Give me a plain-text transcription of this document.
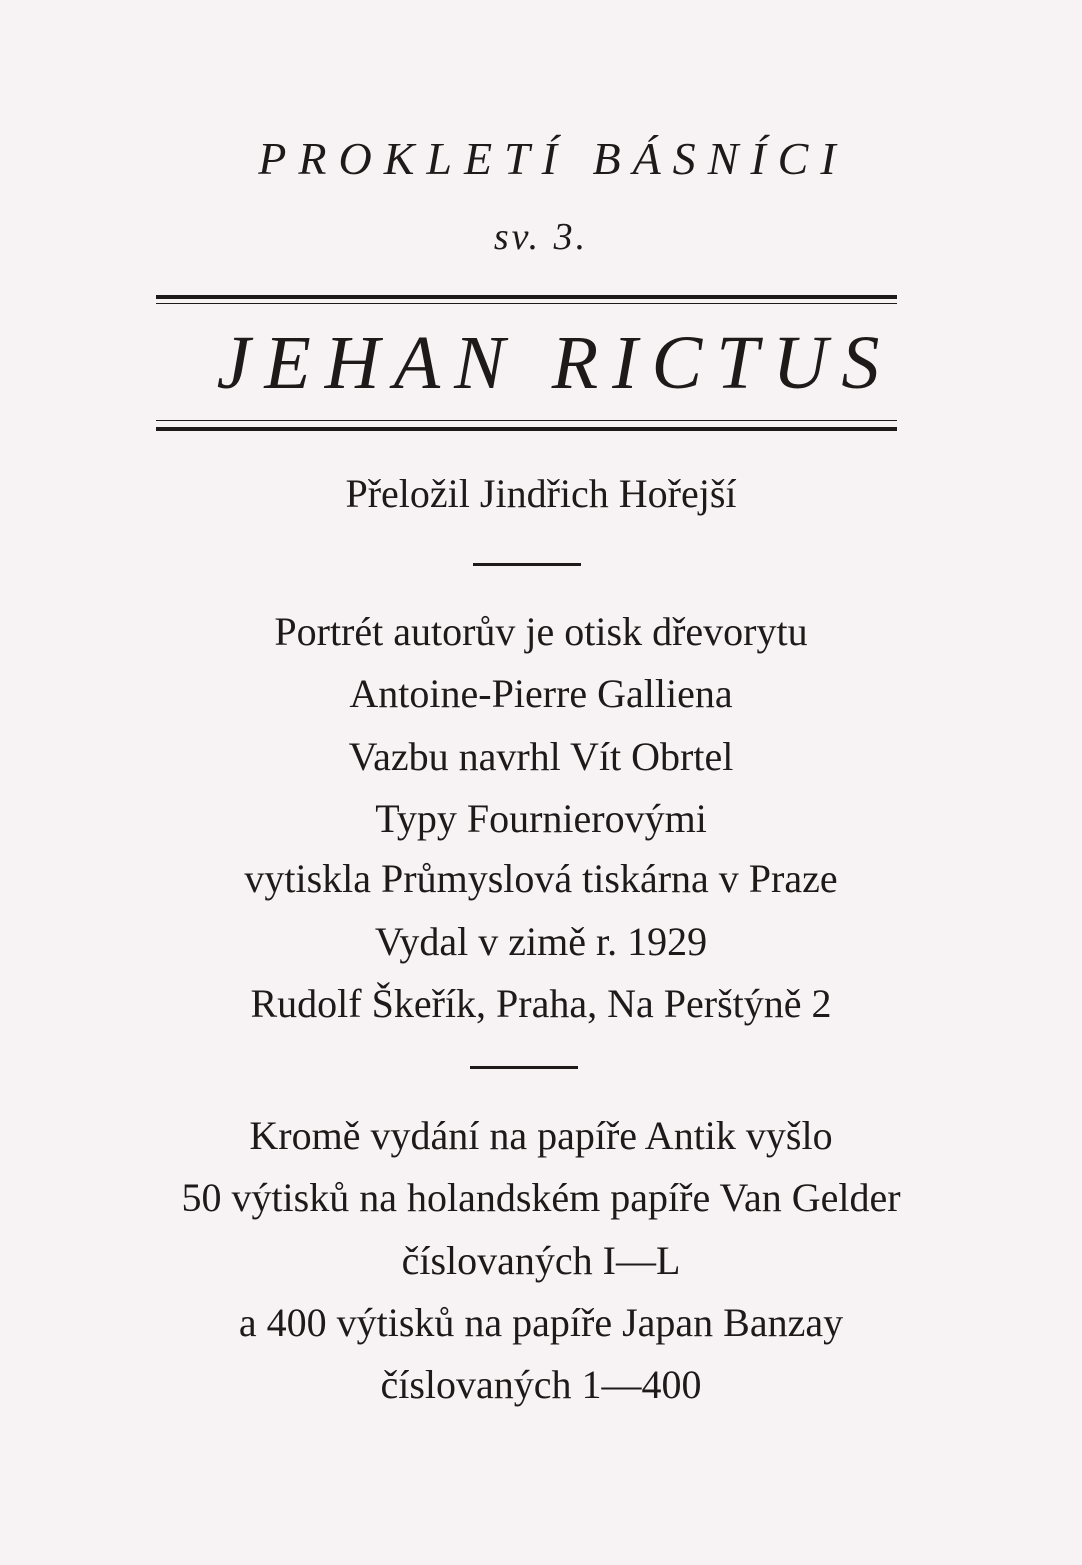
PROKLETÍ BÁSNÍCI
sv. 3.
JEHAN RICTUS
Přeložil Jindřich Hořejší
Portrét autorův je otisk dřevorytu
Antoine-Pierre Galliena
Vazbu navrhl Vít Obrtel
Typy Fournierovými
vytiskla Průmyslová tiskárna v Praze
Vydal v zimě r. 1929
Rudolf Škeřík, Praha, Na Perštýně 2
Kromě vydání na papíře Antik vyšlo
50 výtisků na holandském papíře Van Gelder
číslovaných I—L
a 400 výtisků na papíře Japan Banzay
číslovaných 1—400
